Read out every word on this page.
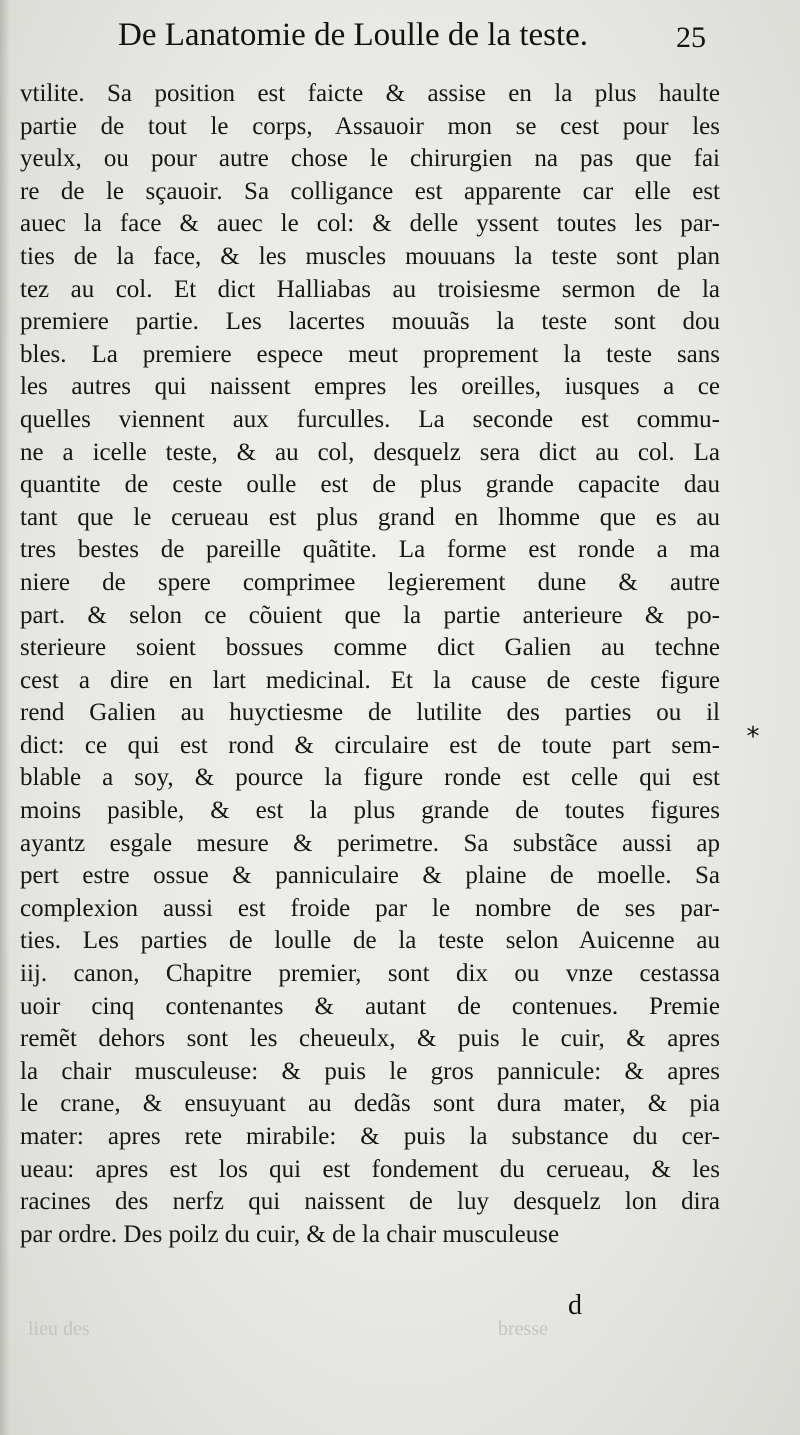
De Lanatomie de Loulle de la teste.	25
vtilite. Sa position est faicte & assise en la plus haulte
partie de tout le corps, Assauoir mon se cest pour les
yeulx, ou pour autre chose le chirurgien na pas que fai
re de le sçauoir. Sa colligance est apparente car elle est
auec la face & auec le col: & delle yssent toutes les par-
ties de la face, & les muscles mouuans la teste sont plan
tez au col. Et dict Halliabas au troisiesme sermon de la
premiere partie. Les lacertes mouuãs la teste sont dou
bles. La premiere espece meut proprement la teste sans
les autres qui naissent empres les oreilles, iusques a ce
quelles viennent aux furculles. La seconde est commu-
ne a icelle teste, & au col, desquelz sera dict au col. La
quantite de ceste oulle est de plus grande capacite dau
tant que le cerueau est plus grand en lhomme que es au
tres bestes de pareille quãtite. La forme est ronde a ma
niere de spere comprimee legierement dune & autre
part. & selon ce cõuient que la partie anterieure & po-
sterieure soient bossues comme dict Galien au techne
cest a dire en lart medicinal. Et la cause de ceste figure
rend Galien au huyctiesme de lutilite des parties ou il
dict: ce qui est rond & circulaire est de toute part sem-
blable a soy, & pource la figure ronde est celle qui est
moins pasible, & est la plus grande de toutes figures
ayantz esgale mesure & perimetre. Sa substãce aussi ap
pert estre ossue & panniculaire & plaine de moelle. Sa
complexion aussi est froide par le nombre de ses par-
ties. Les parties de loulle de la teste selon Auicenne au
iij. canon, Chapitre premier, sont dix ou vnze cestassa
uoir cinq contenantes & autant de contenues. Premie
remẽt dehors sont les cheueulx, & puis le cuir, & apres
la chair musculeuse: & puis le gros pannicule: & apres
le crane, & ensuyuant au dedãs sont dura mater, & pia
mater: apres rete mirabile: & puis la substance du cer-
ueau: apres est los qui est fondement du cerueau, & les
racines des nerfz qui naissent de luy desquelz lon dira
par ordre. Des poilz du cuir, & de la chair musculeuse
*
d
lieu des	bresse
